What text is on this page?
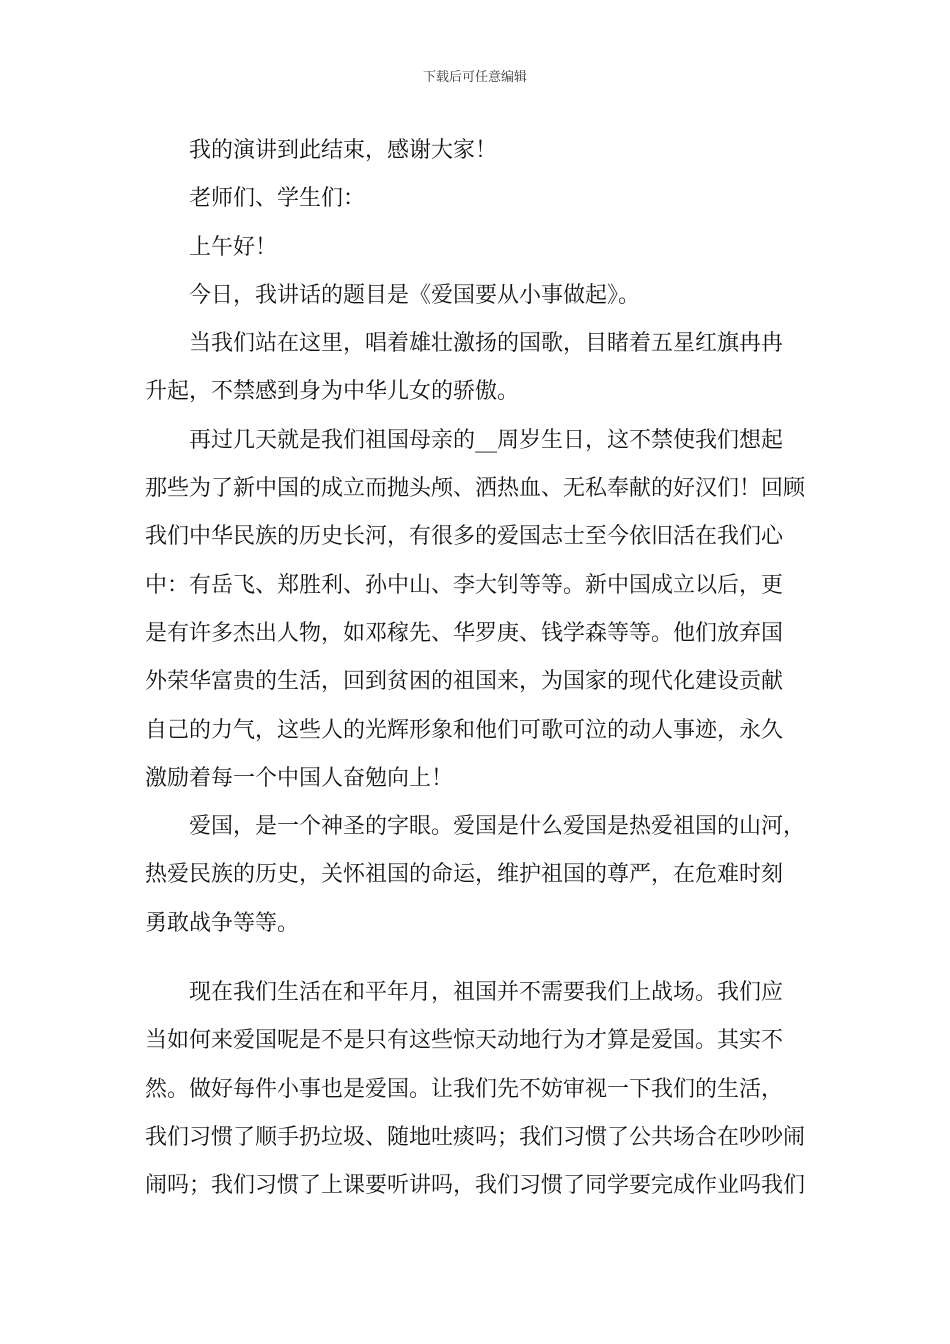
下载后可任意编辑
我的演讲到此结束，感谢大家！
老师们、学生们：
上午好！
今日，我讲话的题目是《爱国要从小事做起》。
当我们站在这里，唱着雄壮激扬的国歌，目睹着五星红旗冉冉
升起，不禁感到身为中华儿女的骄傲。
再过几天就是我们祖国母亲的__周岁生日，这不禁使我们想起
那些为了新中国的成立而抛头颅、洒热血、无私奉献的好汉们！回顾
我们中华民族的历史长河，有很多的爱国志士至今依旧活在我们心
中：有岳飞、郑胜利、孙中山、李大钊等等。新中国成立以后，更
是有许多杰出人物，如邓稼先、华罗庚、钱学森等等。他们放弃国
外荣华富贵的生活，回到贫困的祖国来，为国家的现代化建设贡献
自己的力气，这些人的光辉形象和他们可歌可泣的动人事迹，永久
激励着每一个中国人奋勉向上！
爱国，是一个神圣的字眼。爱国是什么爱国是热爱祖国的山河，
热爱民族的历史，关怀祖国的命运，维护祖国的尊严，在危难时刻
勇敢战争等等。
现在我们生活在和平年月，祖国并不需要我们上战场。我们应
当如何来爱国呢是不是只有这些惊天动地行为才算是爱国。其实不
然。做好每件小事也是爱国。让我们先不妨审视一下我们的生活，
我们习惯了顺手扔垃圾、随地吐痰吗；我们习惯了公共场合在吵吵闹
闹吗；我们习惯了上课要听讲吗，我们习惯了同学要完成作业吗我们
